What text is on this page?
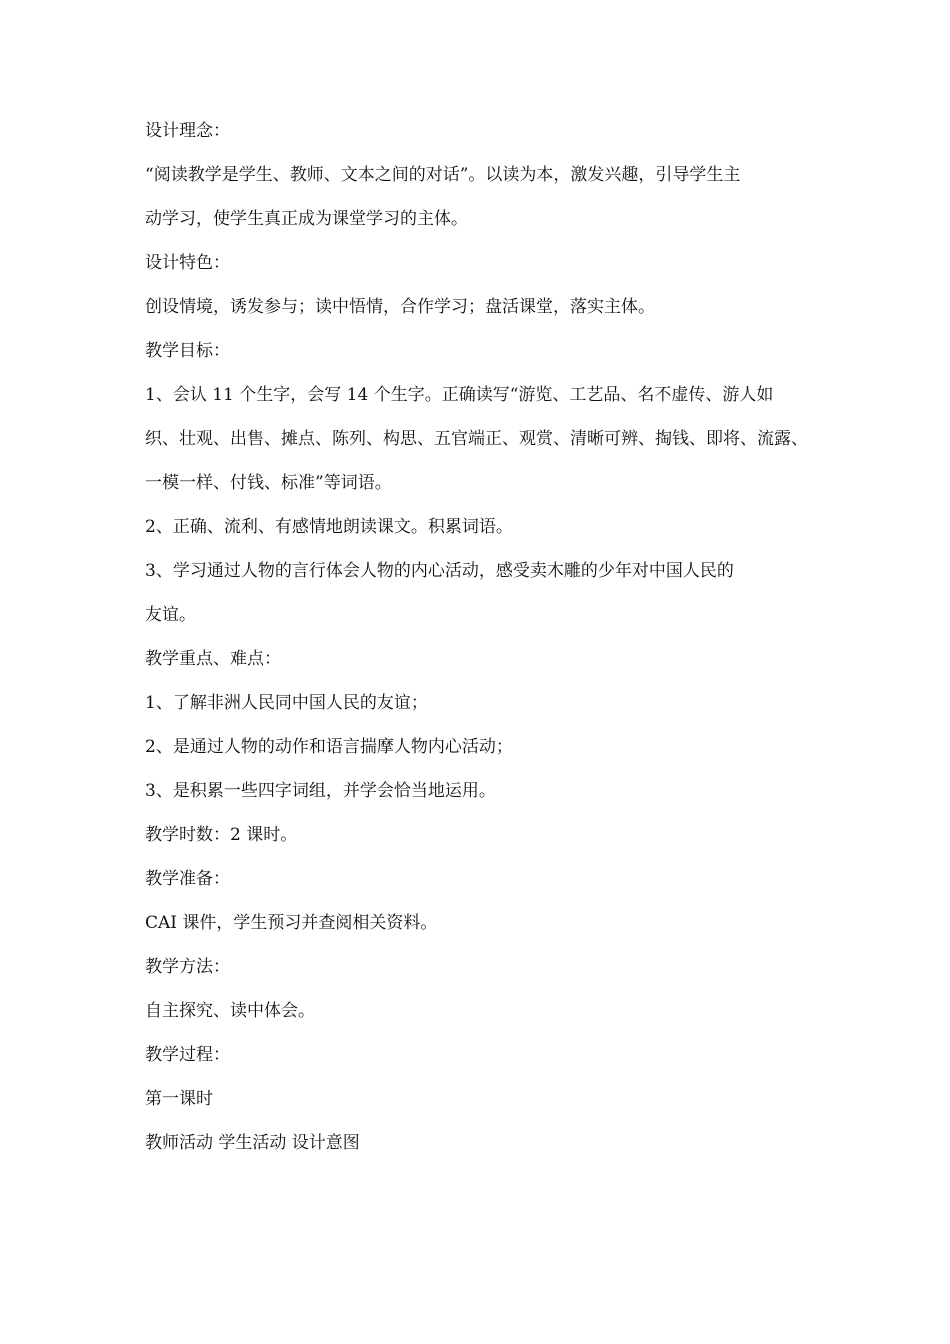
设计理念：
“阅读教学是学生、教师、文本之间的对话”。以读为本，激发兴趣，引导学生主
动学习，使学生真正成为课堂学习的主体。
设计特色：
创设情境，诱发参与；读中悟情，合作学习；盘活课堂，落实主体。
教学目标：
1、会认 11 个生字，会写 14 个生字。正确读写“游览、工艺品、名不虚传、游人如
织、壮观、出售、摊点、陈列、构思、五官端正、观赏、清晰可辨、掏钱、即将、流露、
一模一样、付钱、标准”等词语。
2、正确、流利、有感情地朗读课文。积累词语。
3、学习通过人物的言行体会人物的内心活动，感受卖木雕的少年对中国人民的
友谊。
教学重点、难点：
1、了解非洲人民同中国人民的友谊；
2、是通过人物的动作和语言揣摩人物内心活动；
3、是积累一些四字词组，并学会恰当地运用。
教学时数：2 课时。
教学准备：
CAI 课件，学生预习并查阅相关资料。
教学方法：
自主探究、读中体会。
教学过程：
第一课时
教师活动 学生活动 设计意图
